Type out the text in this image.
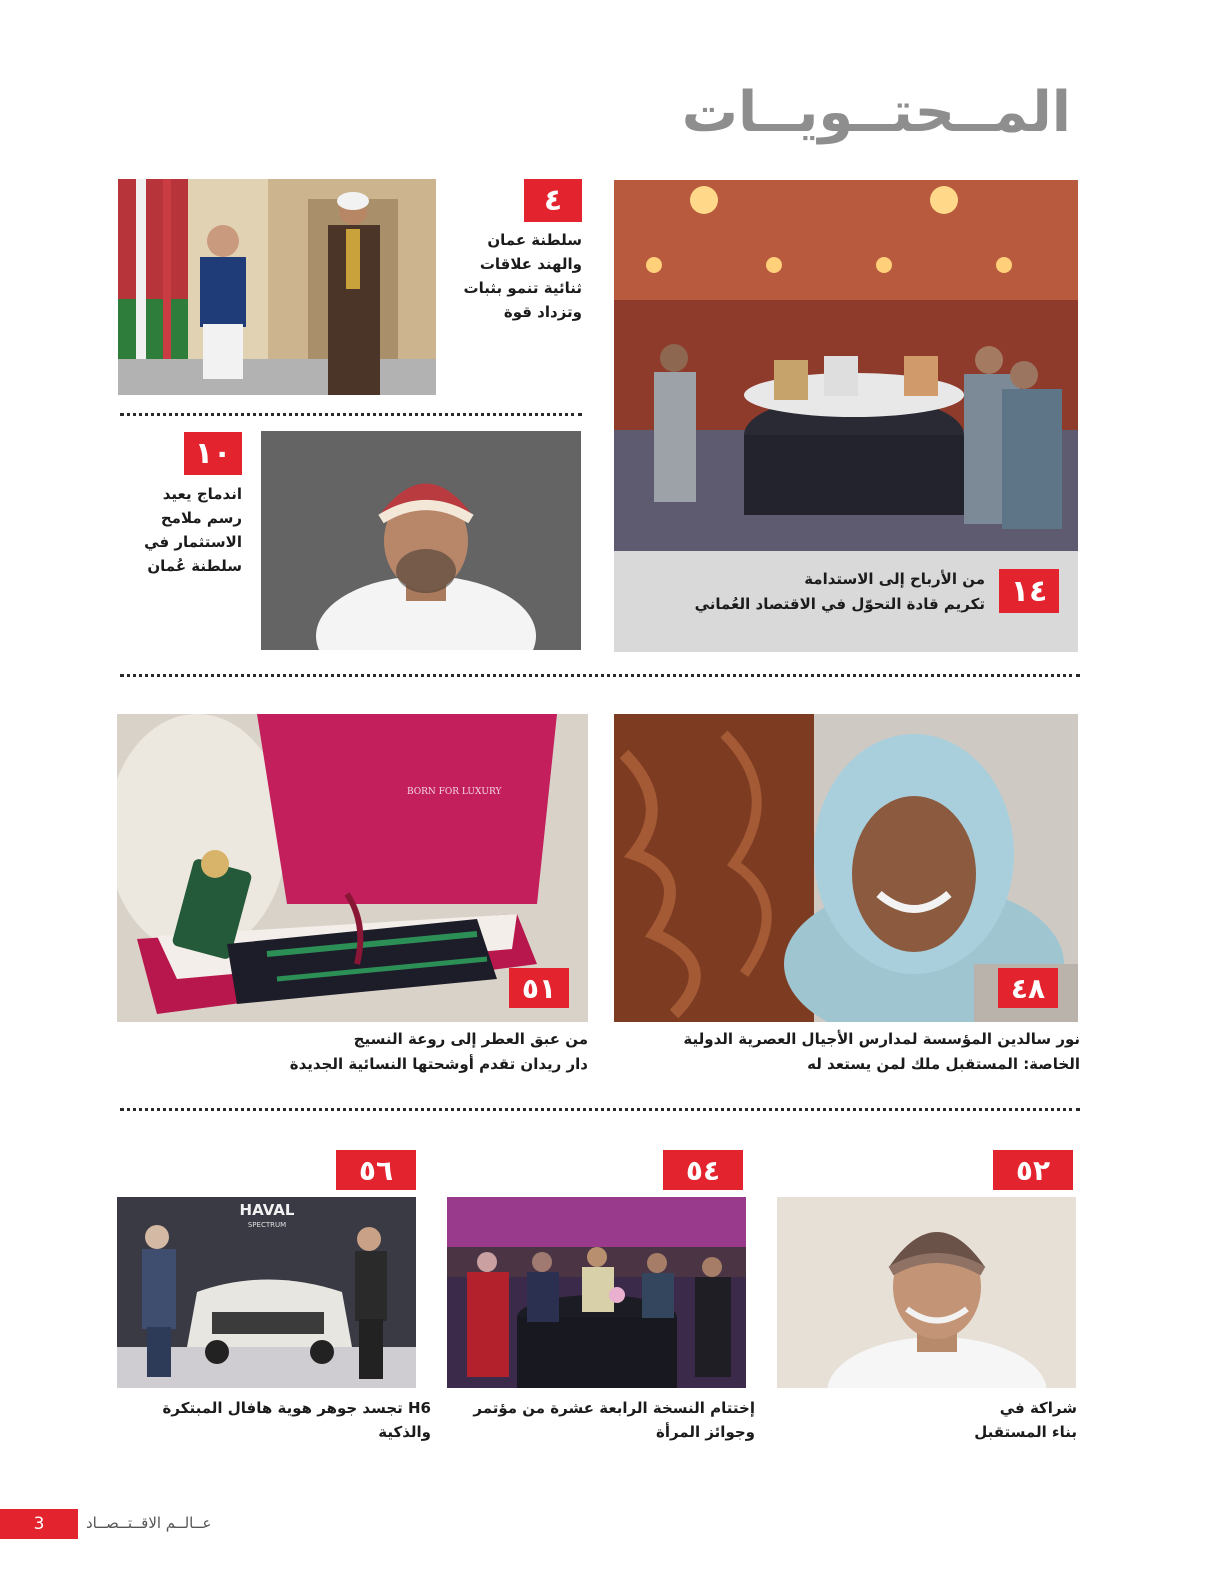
المــحتــويــات
٤
سلطنة عمان
والهند علاقات
ثنائية تنمو بثبات
وتزداد قوة
١٠
اندماج يعيد
رسم ملامح
الاستثمار في
سلطنة عُمان
١٤
من الأرباح إلى الاستدامة
تكريم قادة التحوّل في الاقتصاد العُماني
BORN FOR LUXURY
٥١
من عبق العطر إلى روعة النسيج
دار ريدان تقدم أوشحتها النسائية الجديدة
٤٨
نور سالدين المؤسسة لمدارس الأجيال العصرية الدولية
الخاصة: المستقبل ملك لمن يستعد له
٥٦
HAVAL
SPECTRUM
H6 تجسد جوهر هوية هافال المبتكرة
والذكية
٥٤
إختتام النسخة الرابعة عشرة من مؤتمر
وجوائز المرأة
٥٢
شراكة في
بناء المستقبل
3	عــالــم الاقــتــصــاد
